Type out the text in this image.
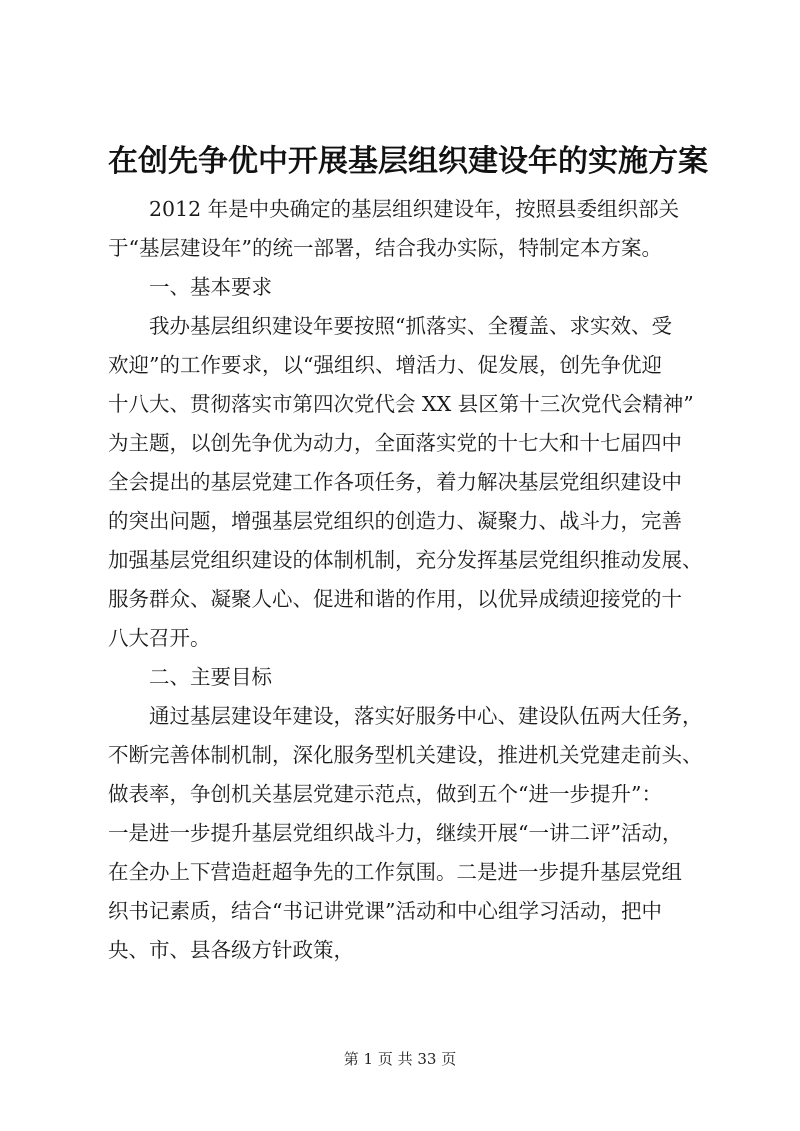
在创先争优中开展基层组织建设年的实施方案
2012 年是中央确定的基层组织建设年，按照县委组织部关
于“基层建设年”的统一部署，结合我办实际，特制定本方案。
一、基本要求
我办基层组织建设年要按照“抓落实、全覆盖、求实效、受
欢迎”的工作要求，以“强组织、增活力、促发展，创先争优迎
十八大、贯彻落实市第四次党代会 XX 县区第十三次党代会精神”
为主题，以创先争优为动力，全面落实党的十七大和十七届四中
全会提出的基层党建工作各项任务，着力解决基层党组织建设中
的突出问题，增强基层党组织的创造力、凝聚力、战斗力，完善
加强基层党组织建设的体制机制，充分发挥基层党组织推动发展、
服务群众、凝聚人心、促进和谐的作用，以优异成绩迎接党的十
八大召开。
二、主要目标
通过基层建设年建设，落实好服务中心、建设队伍两大任务，
不断完善体制机制，深化服务型机关建设，推进机关党建走前头、
做表率，争创机关基层党建示范点，做到五个“进一步提升”：
一是进一步提升基层党组织战斗力，继续开展“一讲二评”活动，
在全办上下营造赶超争先的工作氛围。二是进一步提升基层党组
织书记素质，结合“书记讲党课”活动和中心组学习活动，把中
央、市、县各级方针政策，
第 1 页 共 33 页
